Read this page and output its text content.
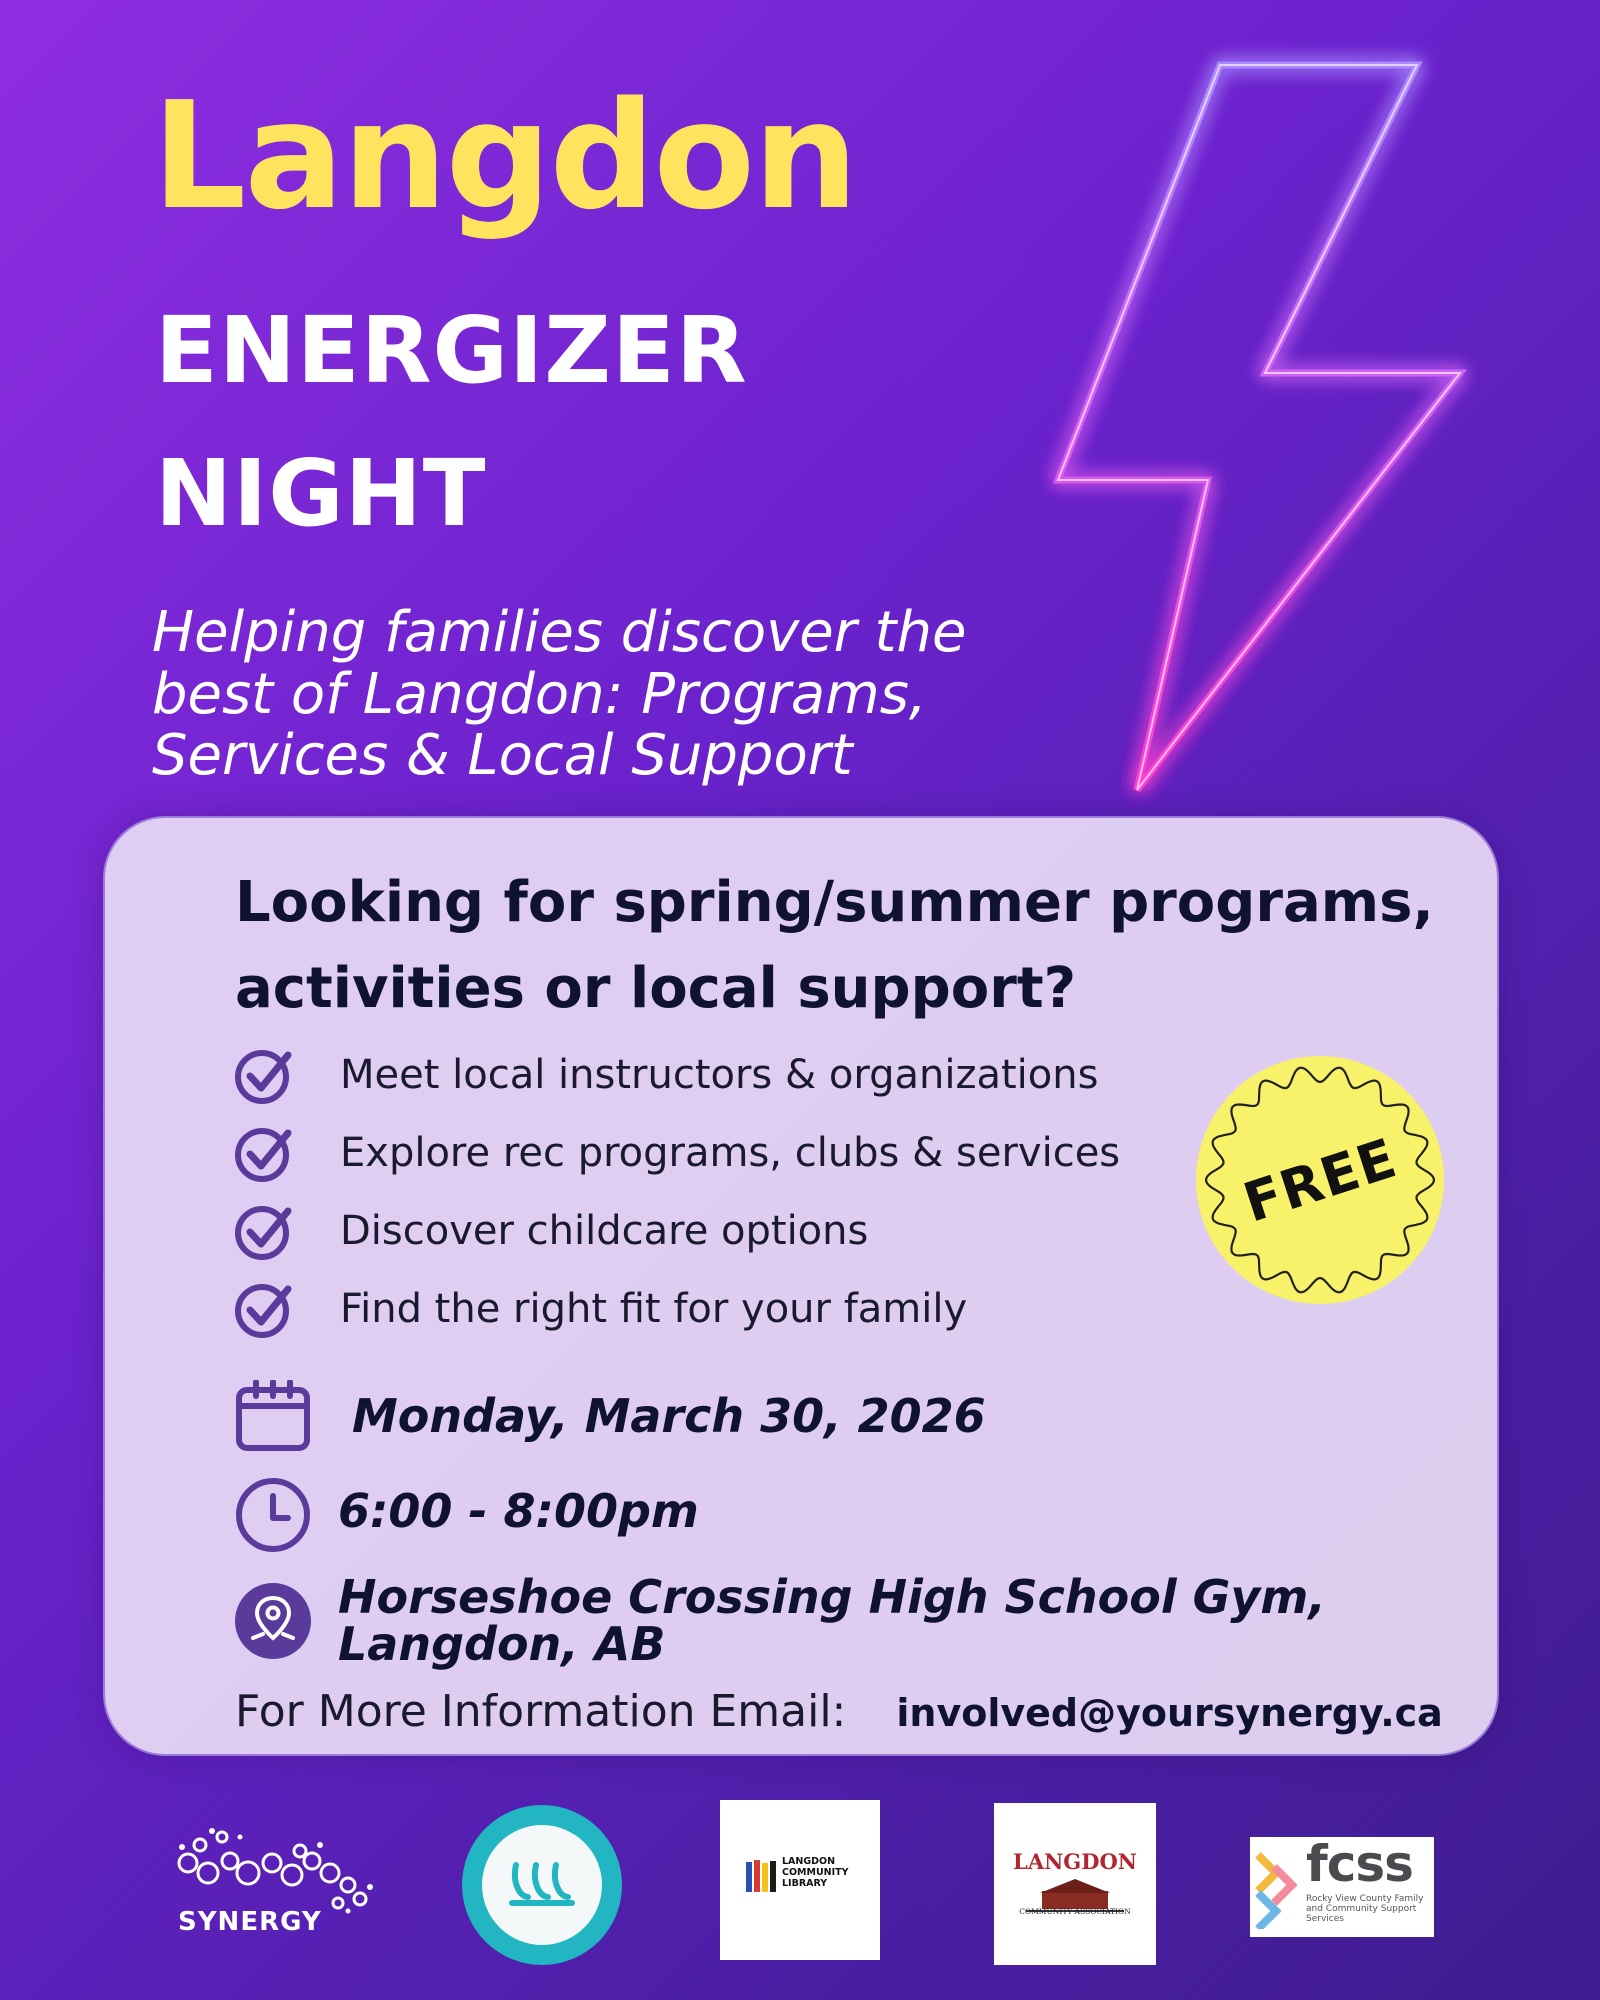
Langdon
ENERGIZER
NIGHT

Helping families discover the
best of Langdon: Programs,
Services & Local Support

Looking for spring/summer programs,
activities or local support?
Meet local instructors & organizations
Explore rec programs, clubs & services
Discover childcare options
Find the right fit for your family
FREE

Monday, March 30, 2026

6:00 - 8:00pm

Horseshoe Crossing High School Gym,
Langdon, AB

For More Information Email: involved@yoursynergy.ca
SYNERGY
LANGDON
COMMUNITY
LIBRARY
LANGDON
COMMUNITY ASSOCIATION
fcss
Rocky View County Family and Community Support Services
